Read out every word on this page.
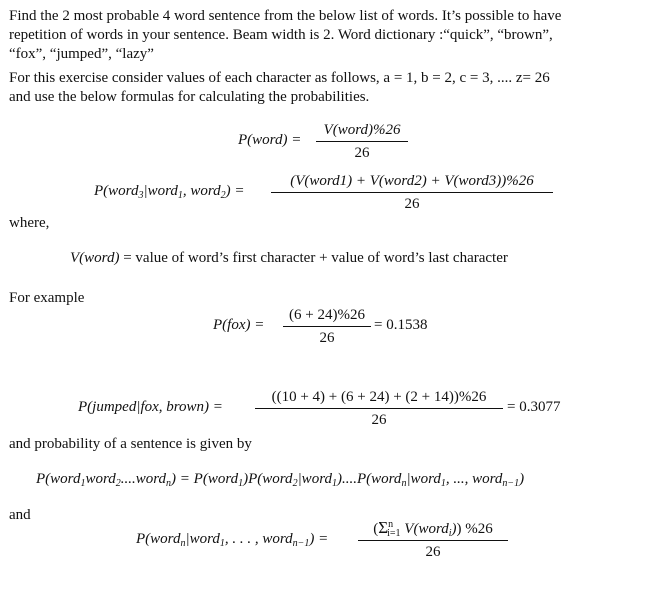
Find the 2 most probable 4 word sentence from the below list of words. It’s possible to have
repetition of words in your sentence. Beam width is 2. Word dictionary :“quick”, “brown”,
“fox”, “jumped”, “lazy”
For this exercise consider values of each character as follows, a = 1, b = 2, c = 3, .... z= 26
and use the below formulas for calculating the probabilities.
P(word) =
V(word)%26
26
P(word$_3$|word$_1$, word$_2$) =
(V(word1) + V(word2) + V(word3))%26
26
where,
V(word) = value of word’s first character + value of word’s last character
For example
P(fox) =
(6 + 24)%26
26
= 0.1538
P(jumped|fox, brown) =
((10 + 4) + (6 + 24) + (2 + 14))%26
26
= 0.3077
and probability of a sentence is given by
P(word$_1$word$_2$....word$_n$) = P(word$_1$)P(word$_2$|word$_1$)....P(word$_n$|word$_1$, ..., word$_{n-1}$)
and
P(word$_n$|word$_1$, . . . , word$_{n-1}$) =
($\Sigma^n_{i=1}$ V(word$_i$)) %26
26
